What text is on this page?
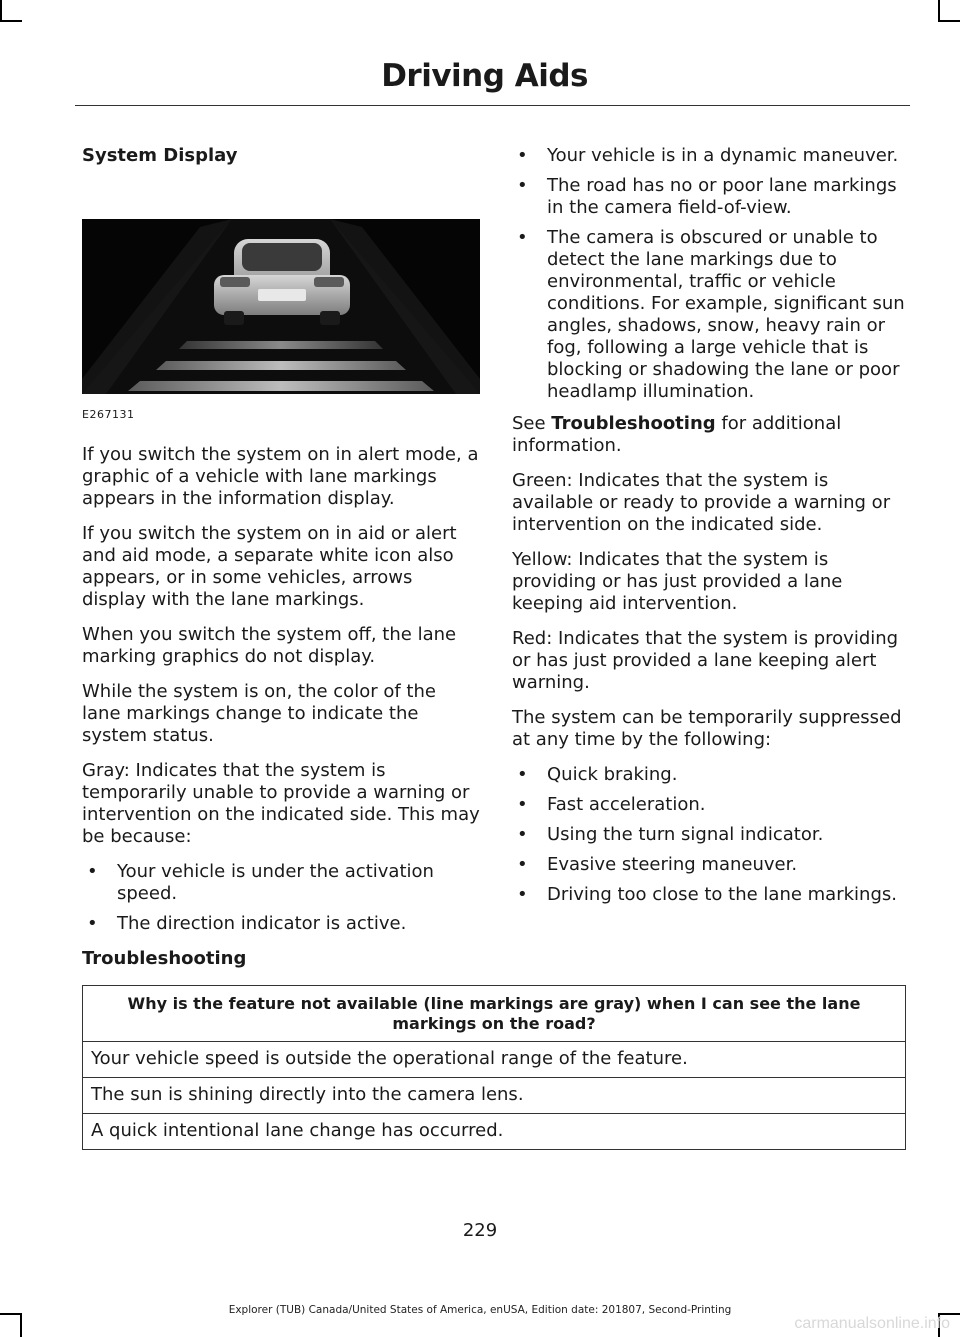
Driving Aids

System Display

E267131

If you switch the system on in alert mode, a graphic of a vehicle with lane markings appears in the information display.

If you switch the system on in aid or alert and aid mode, a separate white icon also appears, or in some vehicles, arrows display with the lane markings.

When you switch the system off, the lane marking graphics do not display.

While the system is on, the color of the lane markings change to indicate the system status.

Gray: Indicates that the system is temporarily unable to provide a warning or intervention on the indicated side. This may be because:

• Your vehicle is under the activation speed.
• The direction indicator is active.
• Your vehicle is in a dynamic maneuver.
• The road has no or poor lane markings in the camera field-of-view.
• The camera is obscured or unable to detect the lane markings due to environmental, traffic or vehicle conditions. For example, significant sun angles, shadows, snow, heavy rain or fog, following a large vehicle that is blocking or shadowing the lane or poor headlamp illumination.

See Troubleshooting for additional information.

Green: Indicates that the system is available or ready to provide a warning or intervention on the indicated side.

Yellow: Indicates that the system is providing or has just provided a lane keeping aid intervention.

Red: Indicates that the system is providing or has just provided a lane keeping alert warning.

The system can be temporarily suppressed at any time by the following:

• Quick braking.
• Fast acceleration.
• Using the turn signal indicator.
• Evasive steering maneuver.
• Driving too close to the lane markings.
Troubleshooting
Why is the feature not available (line markings are gray) when I can see the lane markings on the road?
Your vehicle speed is outside the operational range of the feature.
The sun is shining directly into the camera lens.
A quick intentional lane change has occurred.
229
Explorer (TUB) Canada/United States of America, enUSA, Edition date: 201807, Second-Printing
carmanualsonline.info
